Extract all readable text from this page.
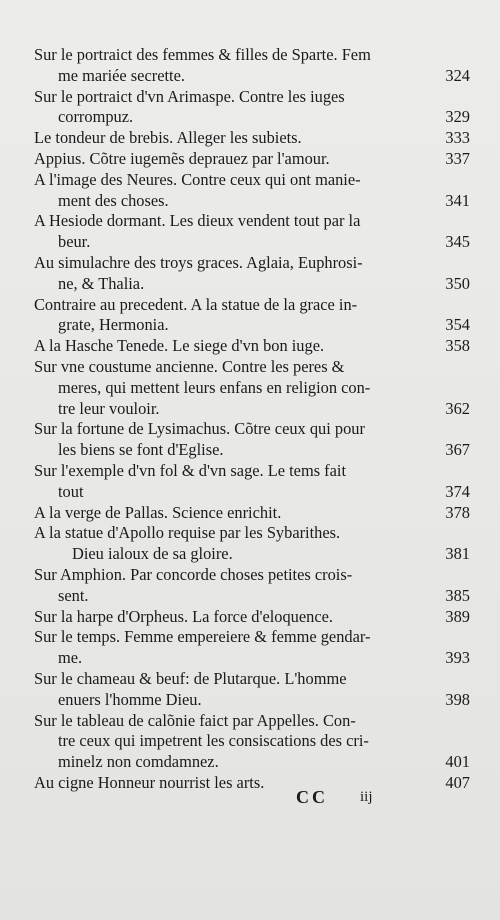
Sur le portraict des femmes & filles de Sparte. Fem
me mariée secrette.	324
Sur le portraict d'vn Arimaspe. Contre les iuges
corrompuz.	329
Le tondeur de brebis. Alleger les subiets.	333
Appius. Cõtre iugemẽs deprauez par l'amour.	337
A l'image des Neures. Contre ceux qui ont manie-
ment des choses.	341
A Hesiode dormant. Les dieux vendent tout par la
beur.	345
Au simulachre des troys graces. Aglaia, Euphrosi-
ne, & Thalia.	350
Contraire au precedent. A la statue de la grace in-
grate, Hermonia.	354
A la Hasche Tenede. Le siege d'vn bon iuge.	358
Sur vne coustume ancienne. Contre les peres &
meres, qui mettent leurs enfans en religion con-
tre leur vouloir.	362
Sur la fortune de Lysimachus. Cõtre ceux qui pour
les biens se font d'Eglise.	367
Sur l'exemple d'vn fol & d'vn sage. Le tems fait
tout	374
A la verge de Pallas. Science enrichit.	378
A la statue d'Apollo requise par les Sybarithes.
Dieu ialoux de sa gloire.	381
Sur Amphion. Par concorde choses petites crois-
sent.	385
Sur la harpe d'Orpheus. La force d'eloquence.	389
Sur le temps. Femme empereiere & femme gendar-
me.	393
Sur le chameau & beuf: de Plutarque. L'homme
enuers l'homme Dieu.	398
Sur le tableau de calõnie faict par Appelles. Con-
tre ceux qui impetrent les consiscations des cri-
minelz non comdamnez.	401
Au cigne Honneur nourrist les arts.	407
CC iij
